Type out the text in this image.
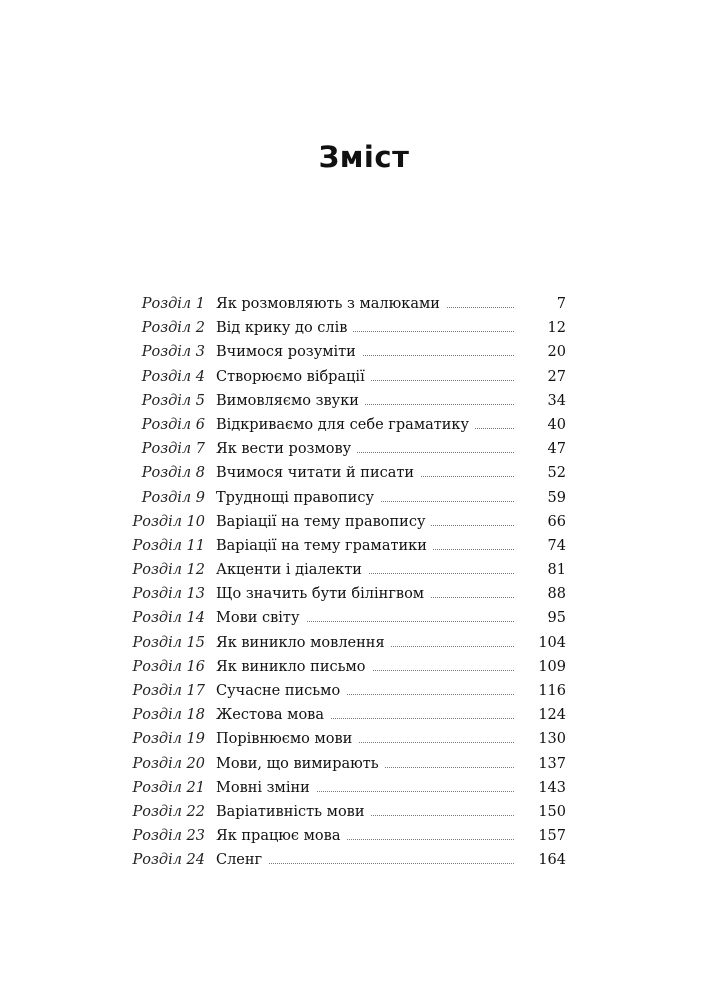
Зміст
Розділ 1 Як розмовляють з малюками	7
Розділ 2 Від крику до слів	12
Розділ 3 Вчимося розуміти	20
Розділ 4 Створюємо вібрації	27
Розділ 5 Вимовляємо звуки	34
Розділ 6 Відкриваємо для себе граматику	40
Розділ 7 Як вести розмову	47
Розділ 8 Вчимося читати й писати	52
Розділ 9 Труднощі правопису	59
Розділ 10 Варіації на тему правопису	66
Розділ 11 Варіації на тему граматики	74
Розділ 12 Акценти і діалекти	81
Розділ 13 Що значить бути білінгвом	88
Розділ 14 Мови світу	95
Розділ 15 Як виникло мовлення	104
Розділ 16 Як виникло письмо	109
Розділ 17 Сучасне письмо	116
Розділ 18 Жестова мова	124
Розділ 19 Порівнюємо мови	130
Розділ 20 Мови, що вимирають	137
Розділ 21 Мовні зміни	143
Розділ 22 Варіативність мови	150
Розділ 23 Як працює мова	157
Розділ 24 Сленг	164
